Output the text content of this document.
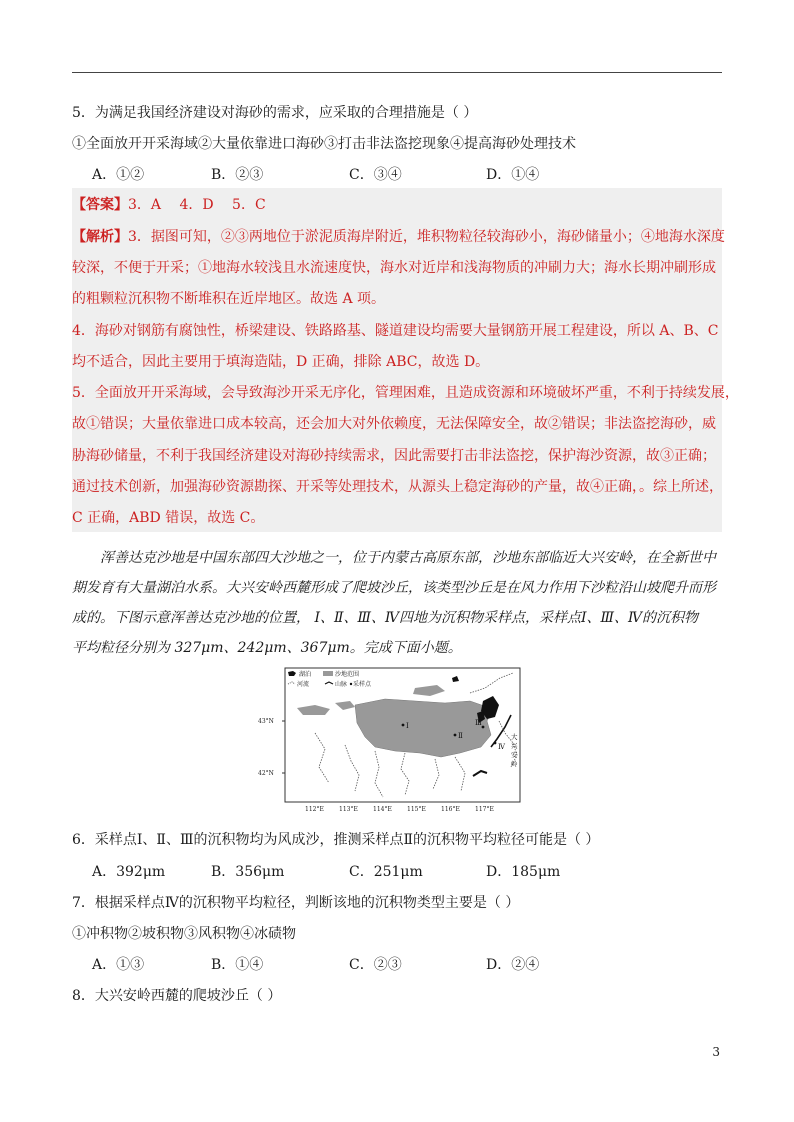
5．为满足我国经济建设对海砂的需求，应采取的合理措施是（ ）
①全面放开开采海域②大量依靠进口海砂③打击非法盗挖现象④提高海砂处理技术
A．①②	B．②③	C．③④	D．①④
【答案】3．A　 4．D　 5．C
【解析】3．据图可知，②③两地位于淤泥质海岸附近，堆积物粒径较海砂小，海砂储量小；④地海水深度
较深，不便于开采；①地海水较浅且水流速度快，海水对近岸和浅海物质的冲刷力大；海水长期冲刷形成
的粗颗粒沉积物不断堆积在近岸地区。故选 A 项。
4．海砂对钢筋有腐蚀性，桥梁建设、铁路路基、隧道建设均需要大量钢筋开展工程建设，所以 A、B、C
均不适合，因此主要用于填海造陆，D 正确，排除 ABC，故选 D。
5．全面放开开采海域，会导致海沙开采无序化，管理困难，且造成资源和环境破坏严重，不利于持续发展，
故①错误；大量依靠进口成本较高，还会加大对外依赖度，无法保障安全，故②错误；非法盗挖海砂，威
胁海砂储量，不利于我国经济建设对海砂持续需求，因此需要打击非法盗挖，保护海沙资源，故③正确；
通过技术创新，加强海砂资源勘探、开采等处理技术，从源头上稳定海砂的产量，故④正确，。综上所述，
C 正确，ABD 错误，故选 C。
浑善达克沙地是中国东部四大沙地之一，位于内蒙古高原东部，沙地东部临近大兴安岭，在全新世中
期发育有大量湖泊水系。大兴安岭西麓形成了爬坡沙丘，该类型沙丘是在风力作用下沙粒沿山坡爬升而形
成的。下图示意浑善达克沙地的位置， Ⅰ、Ⅱ、Ⅲ、Ⅳ四地为沉积物采样点，采样点Ⅰ、Ⅲ、Ⅳ的沉积物
平均粒径分别为 327μm、242μm、367μm。完成下面小题。
湖泊	沙地范围
河流	山脉 采样点
Ⅰ
Ⅱ
Ⅲ
Ⅳ
大
兴
安
岭
43°N
42°N
112°E	113°E	114°E	115°E	116°E	117°E
6．采样点Ⅰ、Ⅱ、Ⅲ的沉积物均为风成沙，推测采样点Ⅱ的沉积物平均粒径可能是（ ）
A．392μm	B．356μm	C．251μm	D．185μm
7．根据采样点Ⅳ的沉积物平均粒径，判断该地的沉积物类型主要是（ ）
①冲积物②坡积物③风积物④冰碛物
A．①③	B．①④	C．②③	D．②④
8．大兴安岭西麓的爬坡沙丘（ ）
3
